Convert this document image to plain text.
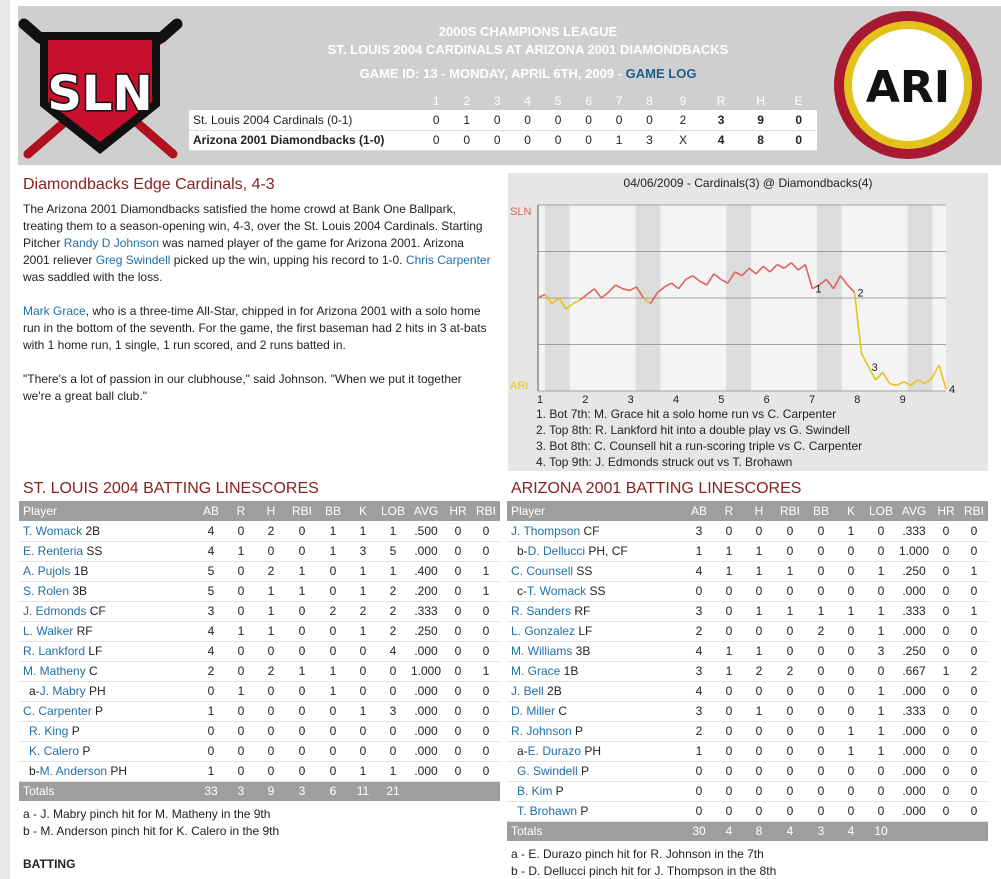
SLN
2000S CHAMPIONS LEAGUE
ST. LOUIS 2004 CARDINALS AT ARIZONA 2001 DIAMONDBACKS
GAME ID: 13 - MONDAY, APRIL 6TH, 2009 - GAME LOG
	1	2	3	4	5	6	7	8	9	R	H	E
St. Louis 2004 Cardinals (0-1)	0	1	0	0	0	0	0	0	2	3	9	0
Arizona 2001 Diamondbacks (1-0)	0	0	0	0	0	0	1	3	X	4	8	0
ARI
Diamondbacks Edge Cardinals, 4-3

The Arizona 2001 Diamondbacks satisfied the home crowd at Bank One Ballpark, treating them to a season-opening win, 4-3, over the St. Louis 2004 Cardinals. Starting Pitcher Randy D Johnson was named player of the game for Arizona 2001. Arizona 2001 reliever Greg Swindell picked up the win, upping his record to 1-0. Chris Carpenter was saddled with the loss.

Mark Grace, who is a three-time All-Star, chipped in for Arizona 2001 with a solo home run in the bottom of the seventh. For the game, the first baseman had 2 hits in 3 at-bats with 1 home run, 1 single, 1 run scored, and 2 runs batted in.

"There's a lot of passion in our clubhouse," said Johnson. "When we put it together we're a great ball club."

04/06/2009 - Cardinals(3) @ Diamondbacks(4)
SLN
ARI
1	2	3	4	5	6	7	8	9
1	2
3
4
1. Bot 7th: M. Grace hit a solo home run vs C. Carpenter
2. Top 8th: R. Lankford hit into a double play vs G. Swindell
3. Bot 8th: C. Counsell hit a run-scoring triple vs C. Carpenter
4. Top 9th: J. Edmonds struck out vs T. Brohawn
ST. LOUIS 2004 BATTING LINESCORES
Player	AB	R	H	RBI	BB	K	LOB	AVG	HR	RBI
T. Womack 2B	4	0	2	0	1	1	1	.500	0	0
E. Renteria SS	4	1	0	0	1	3	5	.000	0	0
A. Pujols 1B	5	0	2	1	0	1	1	.400	0	1
S. Rolen 3B	5	0	1	1	0	1	2	.200	0	1
J. Edmonds CF	3	0	1	0	2	2	2	.333	0	0
L. Walker RF	4	1	1	0	0	1	2	.250	0	0
R. Lankford LF	4	0	0	0	0	0	4	.000	0	0
M. Matheny C	2	0	2	1	1	0	0	1.000	0	1
a-J. Mabry PH	0	1	0	0	1	0	0	.000	0	0
C. Carpenter P	1	0	0	0	0	1	3	.000	0	0
R. King P	0	0	0	0	0	0	0	.000	0	0
K. Calero P	0	0	0	0	0	0	0	.000	0	0
b-M. Anderson PH	1	0	0	0	0	1	1	.000	0	0
Totals	33	3	9	3	6	11	21			
a - J. Mabry pinch hit for M. Matheny in the 9th
b - M. Anderson pinch hit for K. Calero in the 9th
ARIZONA 2001 BATTING LINESCORES
Player	AB	R	H	RBI	BB	K	LOB	AVG	HR	RBI
J. Thompson CF	3	0	0	0	0	1	0	.333	0	0
b-D. Dellucci PH, CF	1	1	1	0	0	0	0	1.000	0	0
C. Counsell SS	4	1	1	1	0	0	1	.250	0	1
c-T. Womack SS	0	0	0	0	0	0	0	.000	0	0
R. Sanders RF	3	0	1	1	1	1	1	.333	0	1
L. Gonzalez LF	2	0	0	0	2	0	1	.000	0	0
M. Williams 3B	4	1	1	0	0	0	3	.250	0	0
M. Grace 1B	3	1	2	2	0	0	0	.667	1	2
J. Bell 2B	4	0	0	0	0	0	1	.000	0	0
D. Miller C	3	0	1	0	0	0	1	.333	0	0
R. Johnson P	2	0	0	0	0	1	1	.000	0	0
a-E. Durazo PH	1	0	0	0	0	1	1	.000	0	0
G. Swindell P	0	0	0	0	0	0	0	.000	0	0
B. Kim P	0	0	0	0	0	0	0	.000	0	0
T. Brohawn P	0	0	0	0	0	0	0	.000	0	0
Totals	30	4	8	4	3	4	10			
a - E. Durazo pinch hit for R. Johnson in the 7th
b - D. Dellucci pinch hit for J. Thompson in the 8th
BATTING
